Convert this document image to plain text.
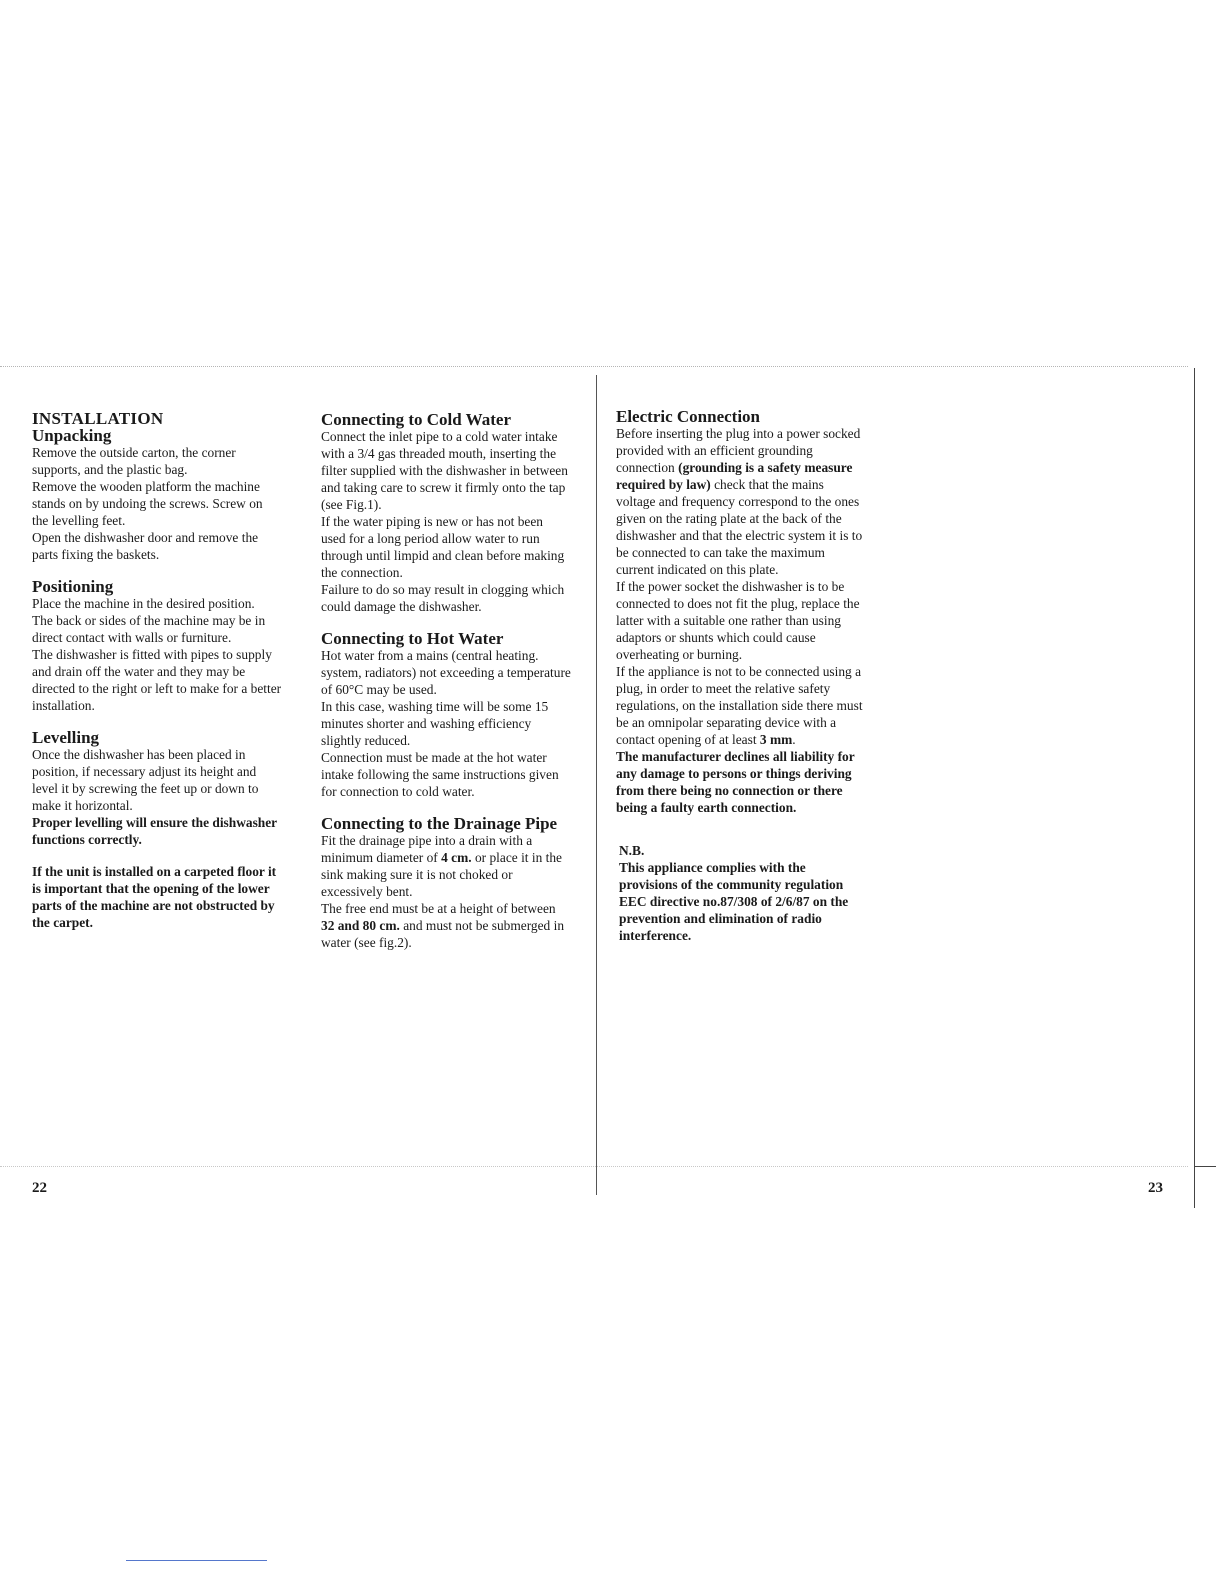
INSTALLATION

Unpacking

Remove the outside carton, the corner

supports, and the plastic bag.

Remove the wooden platform the machine

stands on by undoing the screws. Screw on

the levelling feet.

Open the dishwasher door and remove the

parts fixing the baskets.

Positioning

Place the machine in the desired position.

The back or sides of the machine may be in

direct contact with walls or furniture.

The dishwasher is fitted with pipes to supply

and drain off the water and they may be

directed to the right or left to make for a better

installation.

Levelling

Once the dishwasher has been placed in

position, if necessary adjust its height and

level it by screwing the feet up or down to

make it horizontal.

Proper levelling will ensure the dishwasher

functions correctly.

If the unit is installed on a carpeted floor it

is important that the opening of the lower

parts of the machine are not obstructed by

the carpet.

Connecting to Cold Water

Connect the inlet pipe to a cold water intake

with a 3/4 gas threaded mouth, inserting the

filter supplied with the dishwasher in between

and taking care to screw it firmly onto the tap

(see Fig.1).

If the water piping is new or has not been

used for a long period allow water to run

through until limpid and clean before making

the connection.

Failure to do so may result in clogging which

could damage the dishwasher.

Connecting to Hot Water

Hot water from a mains (central heating.

system, radiators) not exceeding a temperature

of 60°C may be used.

In this case, washing time will be some 15

minutes shorter and washing efficiency

slightly reduced.

Connection must be made at the hot water

intake following the same instructions given

for connection to cold water.

Connecting to the Drainage Pipe

Fit the drainage pipe into a drain with a

minimum diameter of 4 cm. or place it in the

sink making sure it is not choked or

excessively bent.

The free end must be at a height of between

32 and 80 cm. and must not be submerged in

water (see fig.2).

Electric Connection

Before inserting the plug into a power socked

provided with an efficient grounding

connection (grounding is a safety measure

required by law) check that the mains

voltage and frequency correspond to the ones

given on the rating plate at the back of the

dishwasher and that the electric system it is to

be connected to can take the maximum

current indicated on this plate.

If the power socket the dishwasher is to be

connected to does not fit the plug, replace the

latter with a suitable one rather than using

adaptors or shunts which could cause

overheating or burning.

If the appliance is not to be connected using a

plug, in order to meet the relative safety

regulations, on the installation side there must

be an omnipolar separating device with a

contact opening of at least 3 mm.

The manufacturer declines all liability for

any damage to persons or things deriving

from there being no connection or there

being a faulty earth connection.

N.B.

This appliance complies with the

provisions of the community regulation

EEC directive no.87/308 of 2/6/87 on the

prevention and elimination of radio

interference.

22	23
